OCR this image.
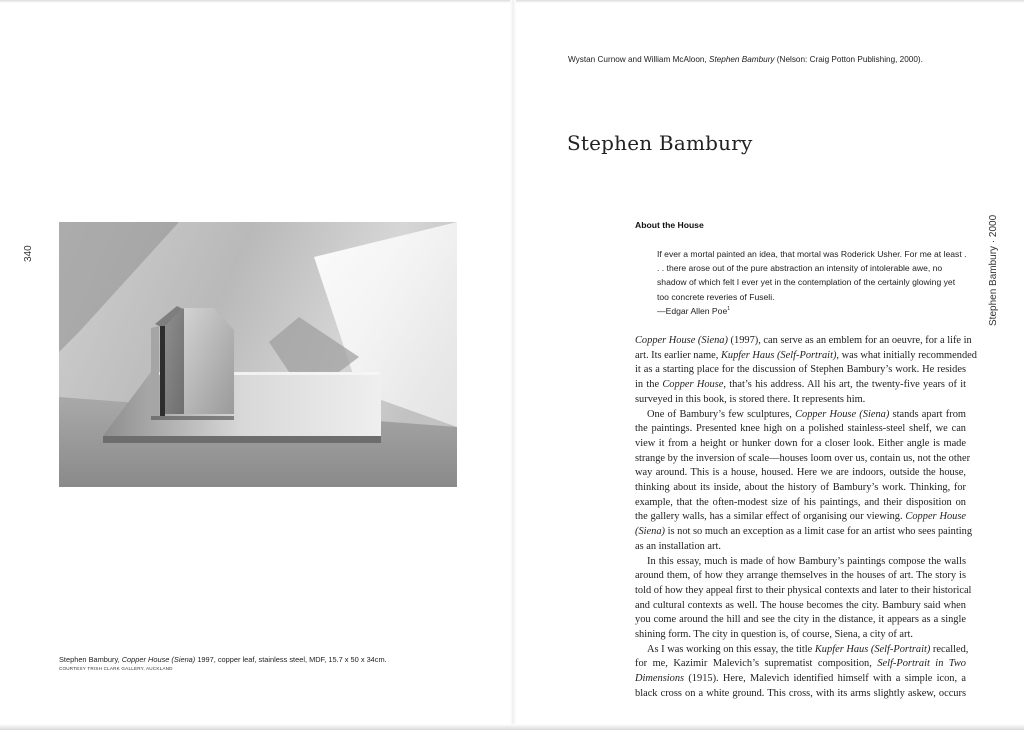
340
Stephen Bambury, Copper House (Siena) 1997, copper leaf, stainless steel, MDF, 15.7 x 50 x 34cm.
COURTESY TRISH CLARK GALLERY, AUCKLAND
Wystan Curnow and William McAloon, Stephen Bambury (Nelson: Craig Potton Publishing, 2000).
Stephen Bambury
Stephen Bambury · 2000
About the House

If ever a mortal painted an idea, that mortal was Roderick Usher. For me at least . . . there arose out of the pure abstraction an intensity of intolerable awe, no shadow of which felt I ever yet in the contemplation of the certainly glowing yet too concrete reveries of Fuseli.

—Edgar Allen Poe$^1$

Copper House (Siena) (1997), can serve as an emblem for an oeuvre, for a life in
art. Its earlier name, Kupfer Haus (Self-Portrait), was what initially recommended
it as a starting place for the discussion of Stephen Bambury’s work. He resides
in the Copper House, that’s his address. All his art, the twenty-five years of it
surveyed in this book, is stored there. It represents him.
One of Bambury’s few sculptures, Copper House (Siena) stands apart from
the paintings. Presented knee high on a polished stainless-steel shelf, we can
view it from a height or hunker down for a closer look. Either angle is made
strange by the inversion of scale—houses loom over us, contain us, not the other
way around. This is a house, housed. Here we are indoors, outside the house,
thinking about its inside, about the history of Bambury’s work. Thinking, for
example, that the often-modest size of his paintings, and their disposition on
the gallery walls, has a similar effect of organising our viewing. Copper House
(Siena) is not so much an exception as a limit case for an artist who sees painting
as an installation art.
In this essay, much is made of how Bambury’s paintings compose the walls
around them, of how they arrange themselves in the houses of art. The story is
told of how they appeal first to their physical contexts and later to their historical
and cultural contexts as well. The house becomes the city. Bambury said when
you come around the hill and see the city in the distance, it appears as a single
shining form. The city in question is, of course, Siena, a city of art.
As I was working on this essay, the title Kupfer Haus (Self-Portrait) recalled,
for me, Kazimir Malevich’s suprematist composition, Self-Portrait in Two
Dimensions (1915). Here, Malevich identified himself with a simple icon, a
black cross on a white ground. This cross, with its arms slightly askew, occurs
